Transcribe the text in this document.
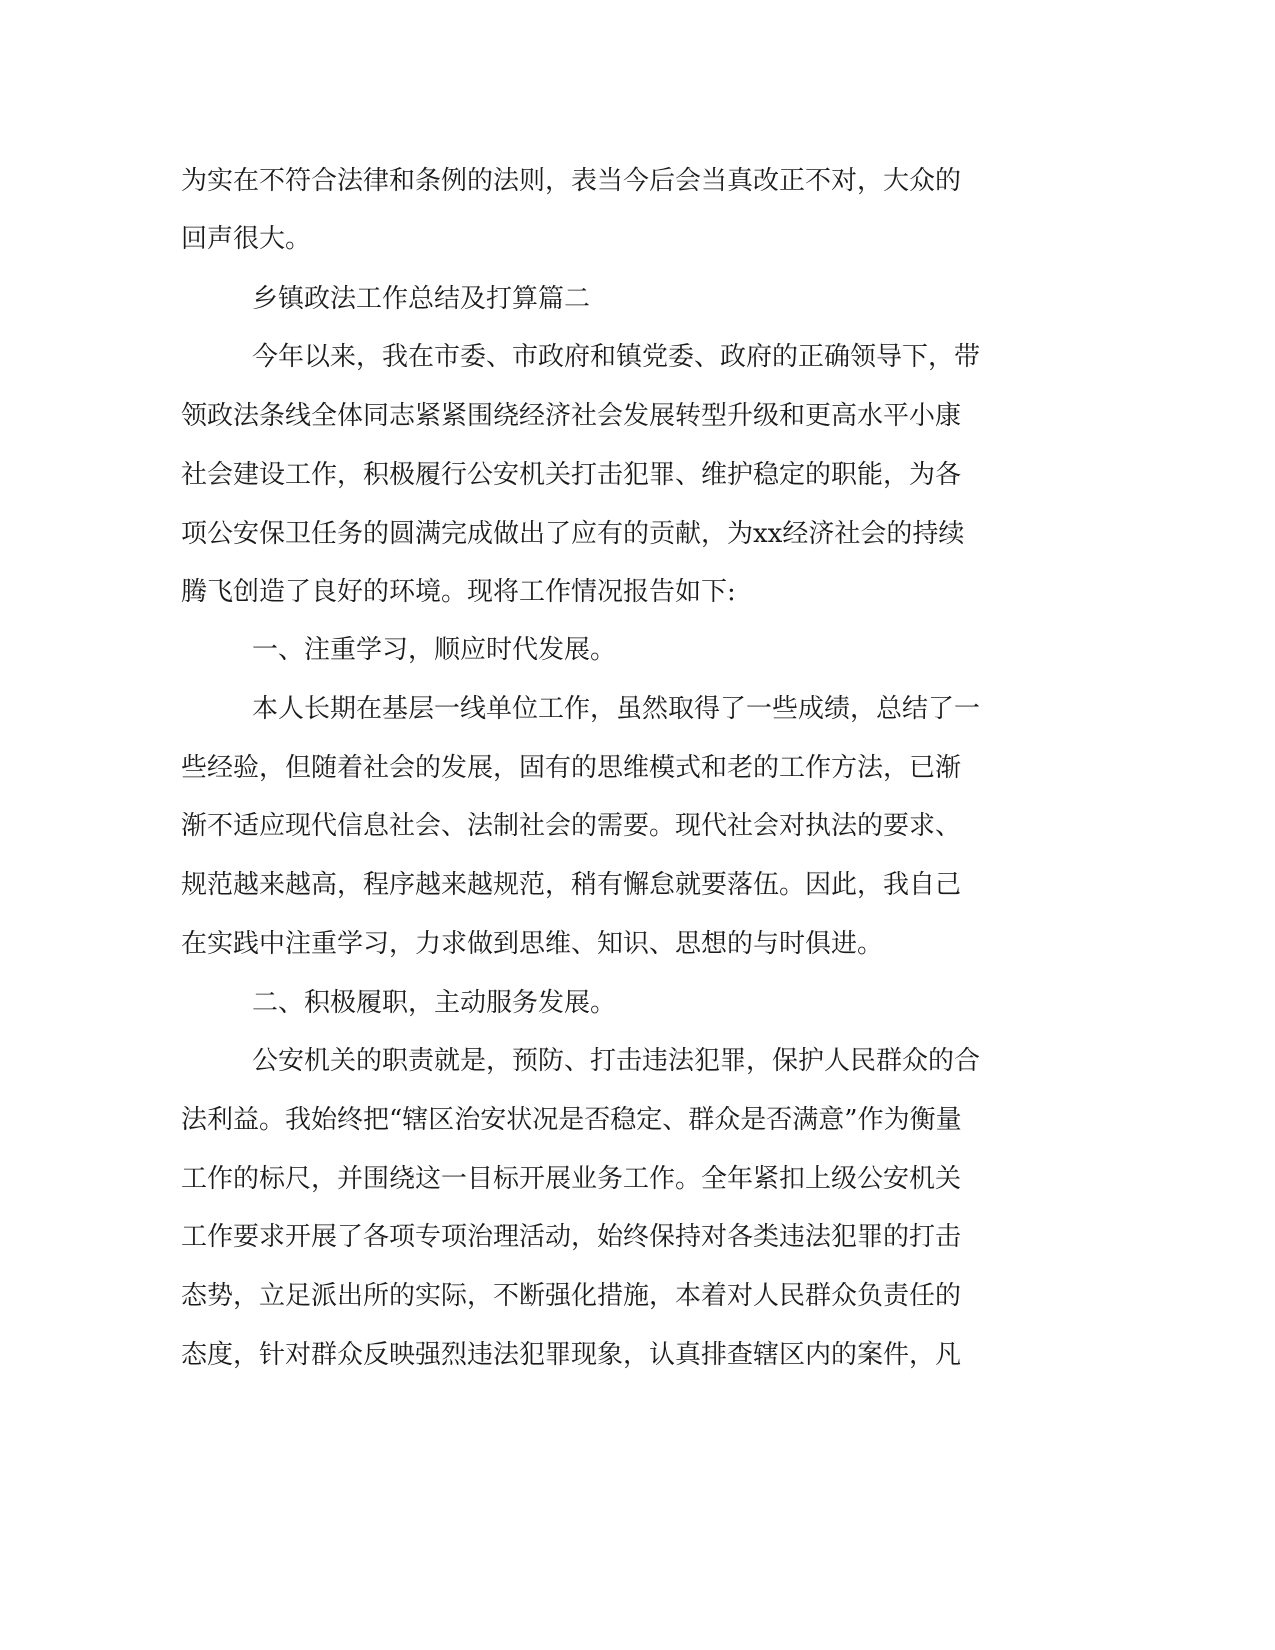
为实在不符合法律和条例的法则，表当今后会当真改正不对，大众的
回声很大。
乡镇政法工作总结及打算篇二
今年以来，我在市委、市政府和镇党委、政府的正确领导下，带
领政法条线全体同志紧紧围绕经济社会发展转型升级和更高水平小康
社会建设工作，积极履行公安机关打击犯罪、维护稳定的职能，为各
项公安保卫任务的圆满完成做出了应有的贡献，为xx经济社会的持续
腾飞创造了良好的环境。现将工作情况报告如下:
一、注重学习，顺应时代发展。
本人长期在基层一线单位工作，虽然取得了一些成绩，总结了一
些经验，但随着社会的发展，固有的思维模式和老的工作方法，已渐
渐不适应现代信息社会、法制社会的需要。现代社会对执法的要求、
规范越来越高，程序越来越规范，稍有懈怠就要落伍。因此，我自己
在实践中注重学习，力求做到思维、知识、思想的与时俱进。
二、积极履职，主动服务发展。
公安机关的职责就是，预防、打击违法犯罪，保护人民群众的合
法利益。我始终把“辖区治安状况是否稳定、群众是否满意”作为衡量
工作的标尺，并围绕这一目标开展业务工作。全年紧扣上级公安机关
工作要求开展了各项专项治理活动，始终保持对各类违法犯罪的打击
态势，立足派出所的实际，不断强化措施，本着对人民群众负责任的
态度，针对群众反映强烈违法犯罪现象，认真排查辖区内的案件，凡
